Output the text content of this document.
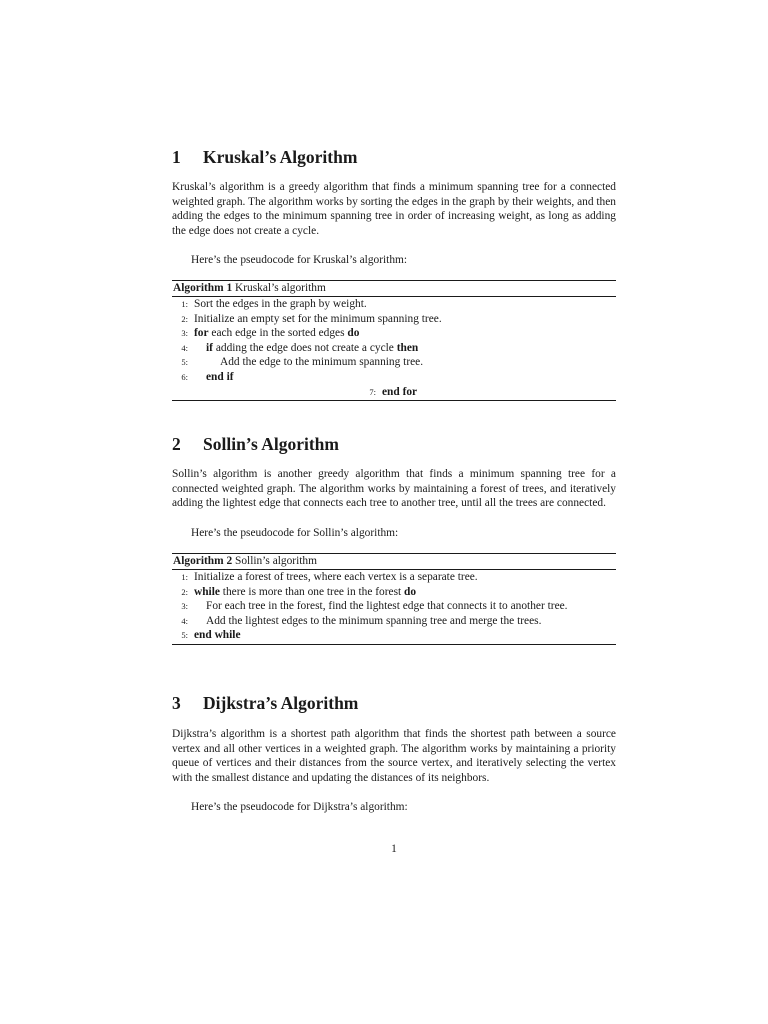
1 Kruskal’s Algorithm

Kruskal’s algorithm is a greedy algorithm that finds a minimum spanning tree for a connected weighted graph. The algorithm works by sorting the edges in the graph by their weights, and then adding the edges to the minimum spanning tree in order of increasing weight, as long as adding the edge does not create a cycle.

Here’s the pseudocode for Kruskal’s algorithm:

Algorithm 1 Kruskal’s algorithm
1: Sort the edges in the graph by weight.
2: Initialize an empty set for the minimum spanning tree.
3: for each edge in the sorted edges do
4: if adding the edge does not create a cycle then
5:	Add the edge to the minimum spanning tree.
6: end if
7: end for
2 Sollin’s Algorithm

Sollin’s algorithm is another greedy algorithm that finds a minimum spanning tree for a connected weighted graph. The algorithm works by maintaining a forest of trees, and iteratively adding the lightest edge that connects each tree to another tree, until all the trees are connected.

Here’s the pseudocode for Sollin’s algorithm:

Algorithm 2 Sollin’s algorithm
1: Initialize a forest of trees, where each vertex is a separate tree.
2: while there is more than one tree in the forest do
3: For each tree in the forest, find the lightest edge that connects it to another tree.
4: Add the lightest edges to the minimum spanning tree and merge the trees.
5: end while
3 Dijkstra’s Algorithm

Dijkstra’s algorithm is a shortest path algorithm that finds the shortest path between a source vertex and all other vertices in a weighted graph. The algorithm works by maintaining a priority queue of vertices and their distances from the source vertex, and iteratively selecting the vertex with the smallest distance and updating the distances of its neighbors.

Here’s the pseudocode for Dijkstra’s algorithm:

1
